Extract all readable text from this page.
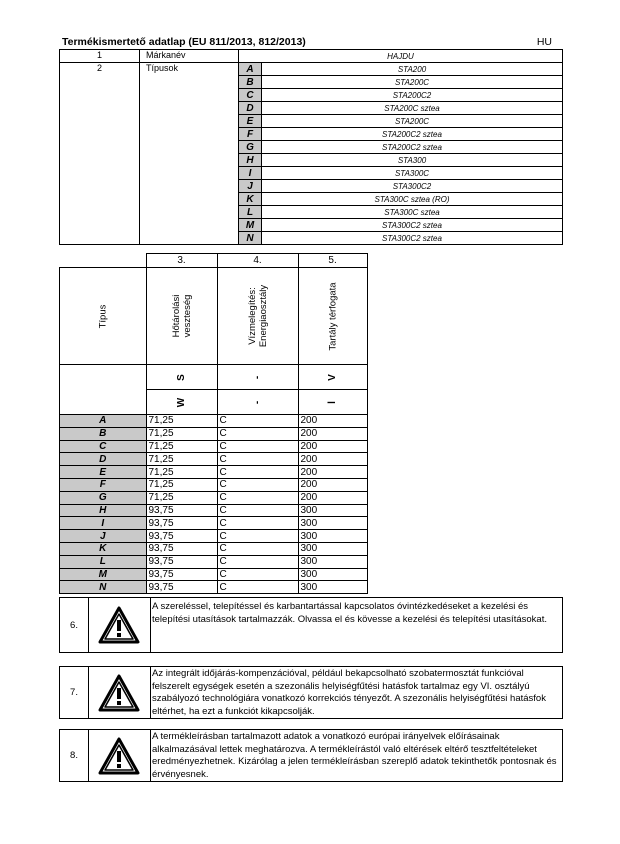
Termékismertető adatlap (EU 811/2013, 812/2013)	HU
1	Márkanév	HAJDU	
2	Típusok	A	STA200
		B	STA200C
		C	STA200C2
		D	STA200C sztea
		E	STA200C
		F	STA200C2 sztea
		G	STA200C2 sztea
		H	STA300
		I	STA300C
		J	STA300C2
		K	STA300C sztea (RO)
		L	STA300C sztea
		M	STA300C2 sztea
		N	STA300C2 sztea
	3.	4.	5.
Típus	Hőtárolási veszteség	Vízmelegítés: Energiaosztály	Tartály térfogata
	S	-	V
	W	-	l
A	71,25	C	200
B	71,25	C	200
C	71,25	C	200
D	71,25	C	200
E	71,25	C	200
F	71,25	C	200
G	71,25	C	200
H	93,75	C	300
I	93,75	C	300
J	93,75	C	300
K	93,75	C	300
L	93,75	C	300
M	93,75	C	300
N	93,75	C	300
6.
A szereléssel, telepítéssel és karbantartással kapcsolatos óvintézkedéseket a kezelési és telepítési utasítások tartalmazzák. Olvassa el és kövesse a kezelési és telepítési utasításokat.
7.
Az integrált időjárás-kompenzációval, például bekapcsolható szobatermosztát funkcióval felszerelt egységek esetén a szezonális helyiségfűtési hatásfok tartalmaz egy VI. osztályú szabályozó technológiára vonatkozó korrekciós tényezőt. A szezonális helyiségfűtési hatásfok eltérhet, ha ezt a funkciót kikapcsolják.
8.
A termékleírásban tartalmazott adatok a vonatkozó európai irányelvek előírásainak alkalmazásával lettek meghatározva. A termékleírástól való eltérések eltérő tesztfeltételeket eredményezhetnek. Kizárólag a jelen termékleírásban szereplő adatok tekinthetők pontosnak és érvényesnek.
